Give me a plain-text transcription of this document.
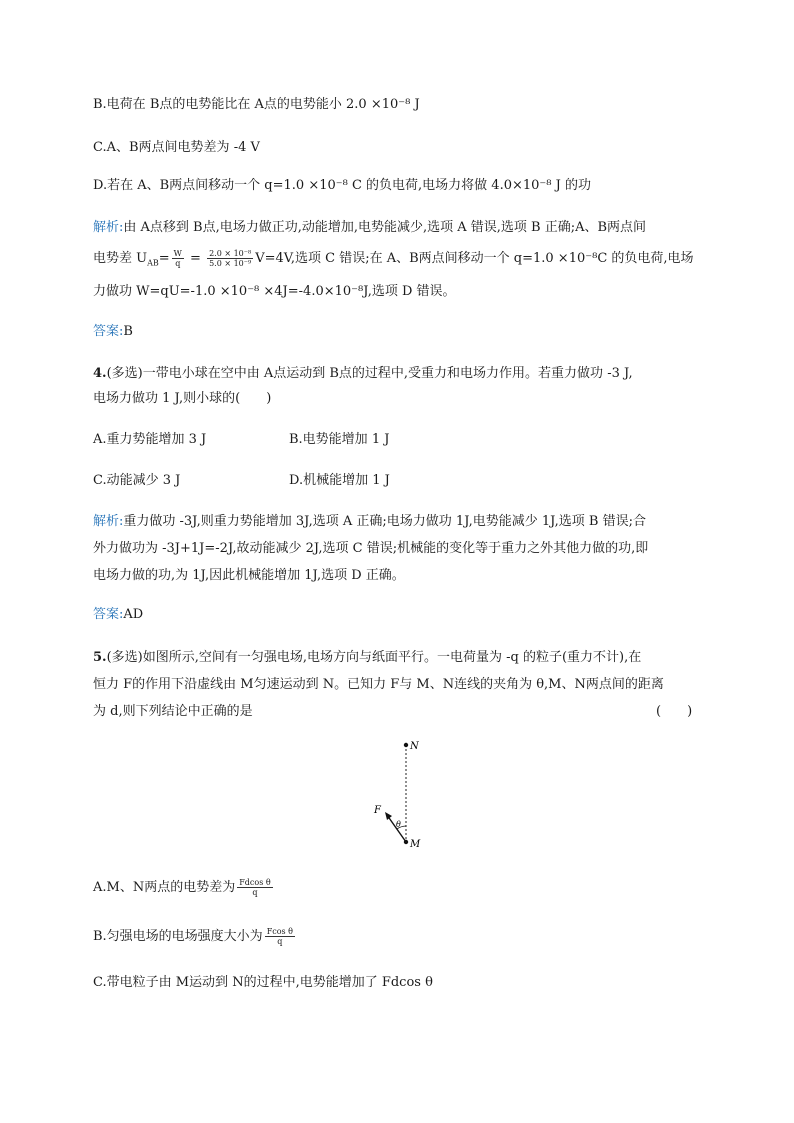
B.电荷在 B点的电势能比在 A点的电势能小 2.0 ×10⁻⁸ J
C.A、B两点间电势差为 -4 V
D.若在 A、B两点间移动一个 q=1.0 ×10⁻⁸ C 的负电荷,电场力将做 4.0×10⁻⁸ J 的功
解析:由 A点移到 B点,电场力做正功,动能增加,电势能减少,选项 A 错误,选项 B 正确;A、B两点间
电势差 $U_{AB}= \frac{W}{q} = \frac{\text{2.0 × 10⁻⁸}}{\text{5.0 × 10⁻⁹}} V=4V$,选项 C 错误;在 A、B两点间移动一个 q=1.0 ×10⁻⁸C 的负电荷,电场
力做功 W=qU=-1.0 ×10⁻⁸ ×4J=-4.0×10⁻⁸J,选项 D 错误。
答案:B
4.(多选)一带电小球在空中由 A点运动到 B点的过程中,受重力和电场力作用。若重力做功 -3 J,
电场力做功 1 J,则小球的(　　)
A.重力势能增加 3 J	B.电势能增加 1 J
C.动能减少 3 J	D.机械能增加 1 J
解析:重力做功 -3J,则重力势能增加 3J,选项 A 正确;电场力做功 1J,电势能减少 1J,选项 B 错误;合
外力做功为 -3J+1J=-2J,故动能减少 2J,选项 C 错误;机械能的变化等于重力之外其他力做的功,即
电场力做的功,为 1J,因此机械能增加 1J,选项 D 正确。
答案:AD
5.(多选)如图所示,空间有一匀强电场,电场方向与纸面平行。一电荷量为 -q 的粒子(重力不计),在
恒力 F的作用下沿虚线由 M匀速运动到 N。已知力 F与 M、N连线的夹角为 θ,M、N两点间的距离
为 d,则下列结论中正确的是	(　　)
N
M
F
θ
A.M、N两点的电势差为 $\frac{\text{Fdcos θ}}{q}$
B.匀强电场的电场强度大小为 $\frac{\text{Fcos θ}}{q}$
C.带电粒子由 M运动到 N的过程中,电势能增加了 Fdcos θ
